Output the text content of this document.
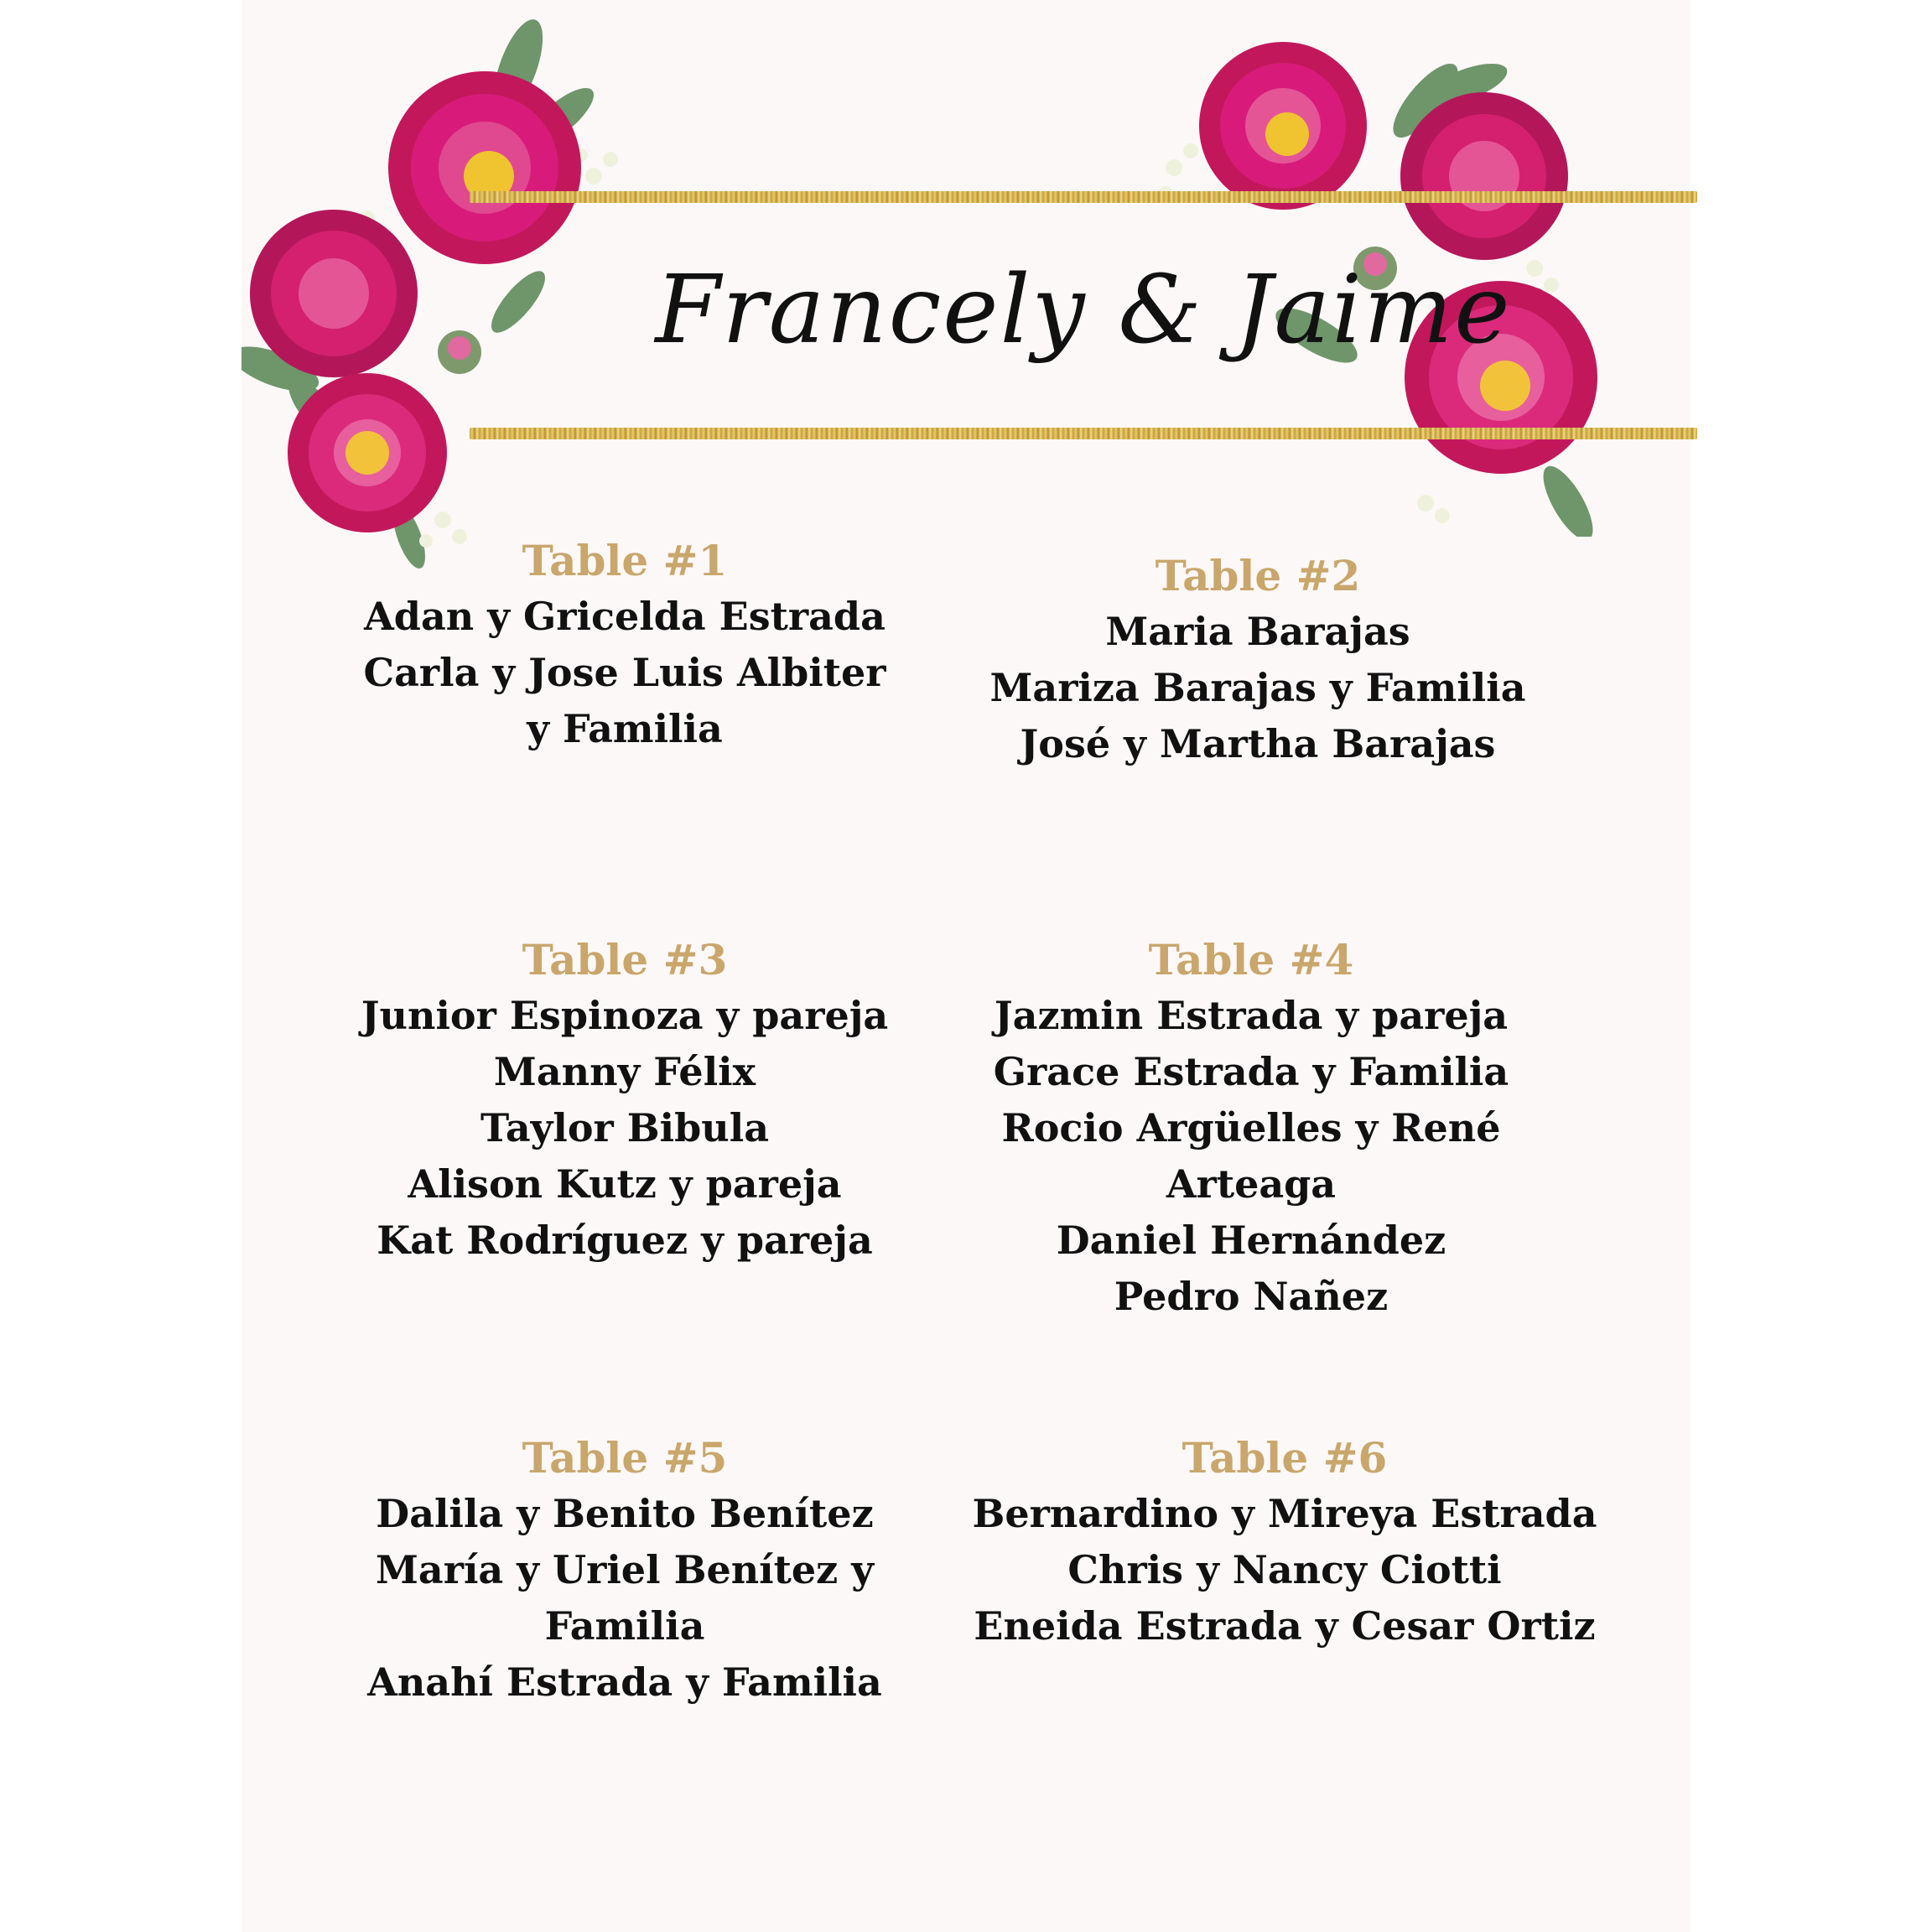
Francely & Jaime
Table #1
Adan y Gricelda Estrada
Carla y Jose Luis Albiter
y Familia
Table #2
Maria Barajas
Mariza Barajas y Familia
José y Martha Barajas
Table #3
Junior Espinoza y pareja
Manny Félix
Taylor Bibula
Alison Kutz y pareja
Kat Rodríguez y pareja
Table #4
Jazmin Estrada y pareja
Grace Estrada y Familia
Rocio Argüelles y René Arteaga
Daniel Hernández
Pedro Nañez
Table #5
Dalila y Benito Benítez
María y Uriel Benítez y Familia
Anahí Estrada y Familia
Table #6
Bernardino y Mireya Estrada
Chris y Nancy Ciotti
Eneida Estrada y Cesar Ortiz
